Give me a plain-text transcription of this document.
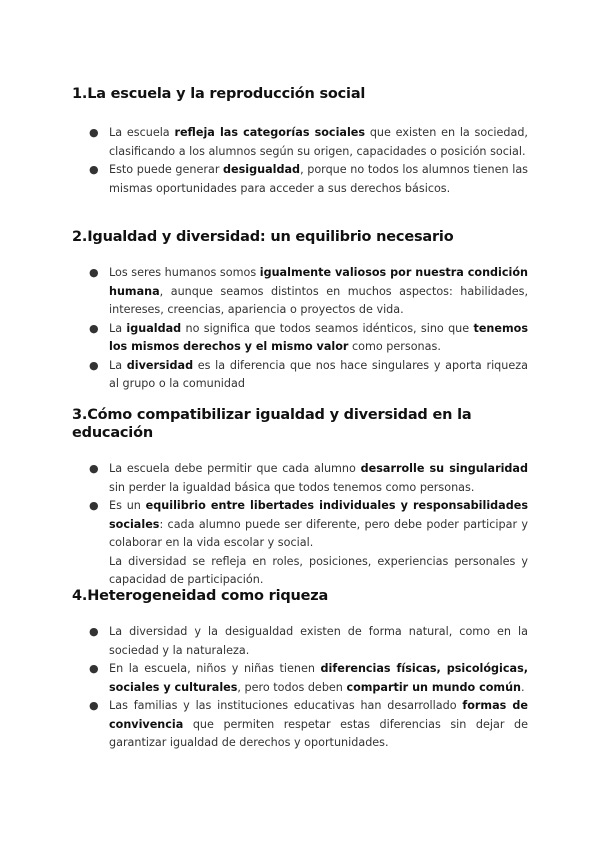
1.La escuela y la reproducción social
● La escuela refleja las categorías sociales que existen en la sociedad, clasificando a los alumnos según su origen, capacidades o posición social.
● Esto puede generar desigualdad, porque no todos los alumnos tienen las mismas oportunidades para acceder a sus derechos básicos.
2.Igualdad y diversidad: un equilibrio necesario
● Los seres humanos somos igualmente valiosos por nuestra condición humana, aunque seamos distintos en muchos aspectos: habilidades, intereses, creencias, apariencia o proyectos de vida.
● La igualdad no significa que todos seamos idénticos, sino que tenemos los mismos derechos y el mismo valor como personas.
● La diversidad es la diferencia que nos hace singulares y aporta riqueza al grupo o la comunidad
3.Cómo compatibilizar igualdad y diversidad en la educación
● La escuela debe permitir que cada alumno desarrolle su singularidad sin perder la igualdad básica que todos tenemos como personas.
● Es un equilibrio entre libertades individuales y responsabilidades sociales: cada alumno puede ser diferente, pero debe poder participar y colaborar en la vida escolar y social.
La diversidad se refleja en roles, posiciones, experiencias personales y capacidad de participación.
4.Heterogeneidad como riqueza
● La diversidad y la desigualdad existen de forma natural, como en la sociedad y la naturaleza.
● En la escuela, niños y niñas tienen diferencias físicas, psicológicas, sociales y culturales, pero todos deben compartir un mundo común.
● Las familias y las instituciones educativas han desarrollado formas de convivencia que permiten respetar estas diferencias sin dejar de garantizar igualdad de derechos y oportunidades.
